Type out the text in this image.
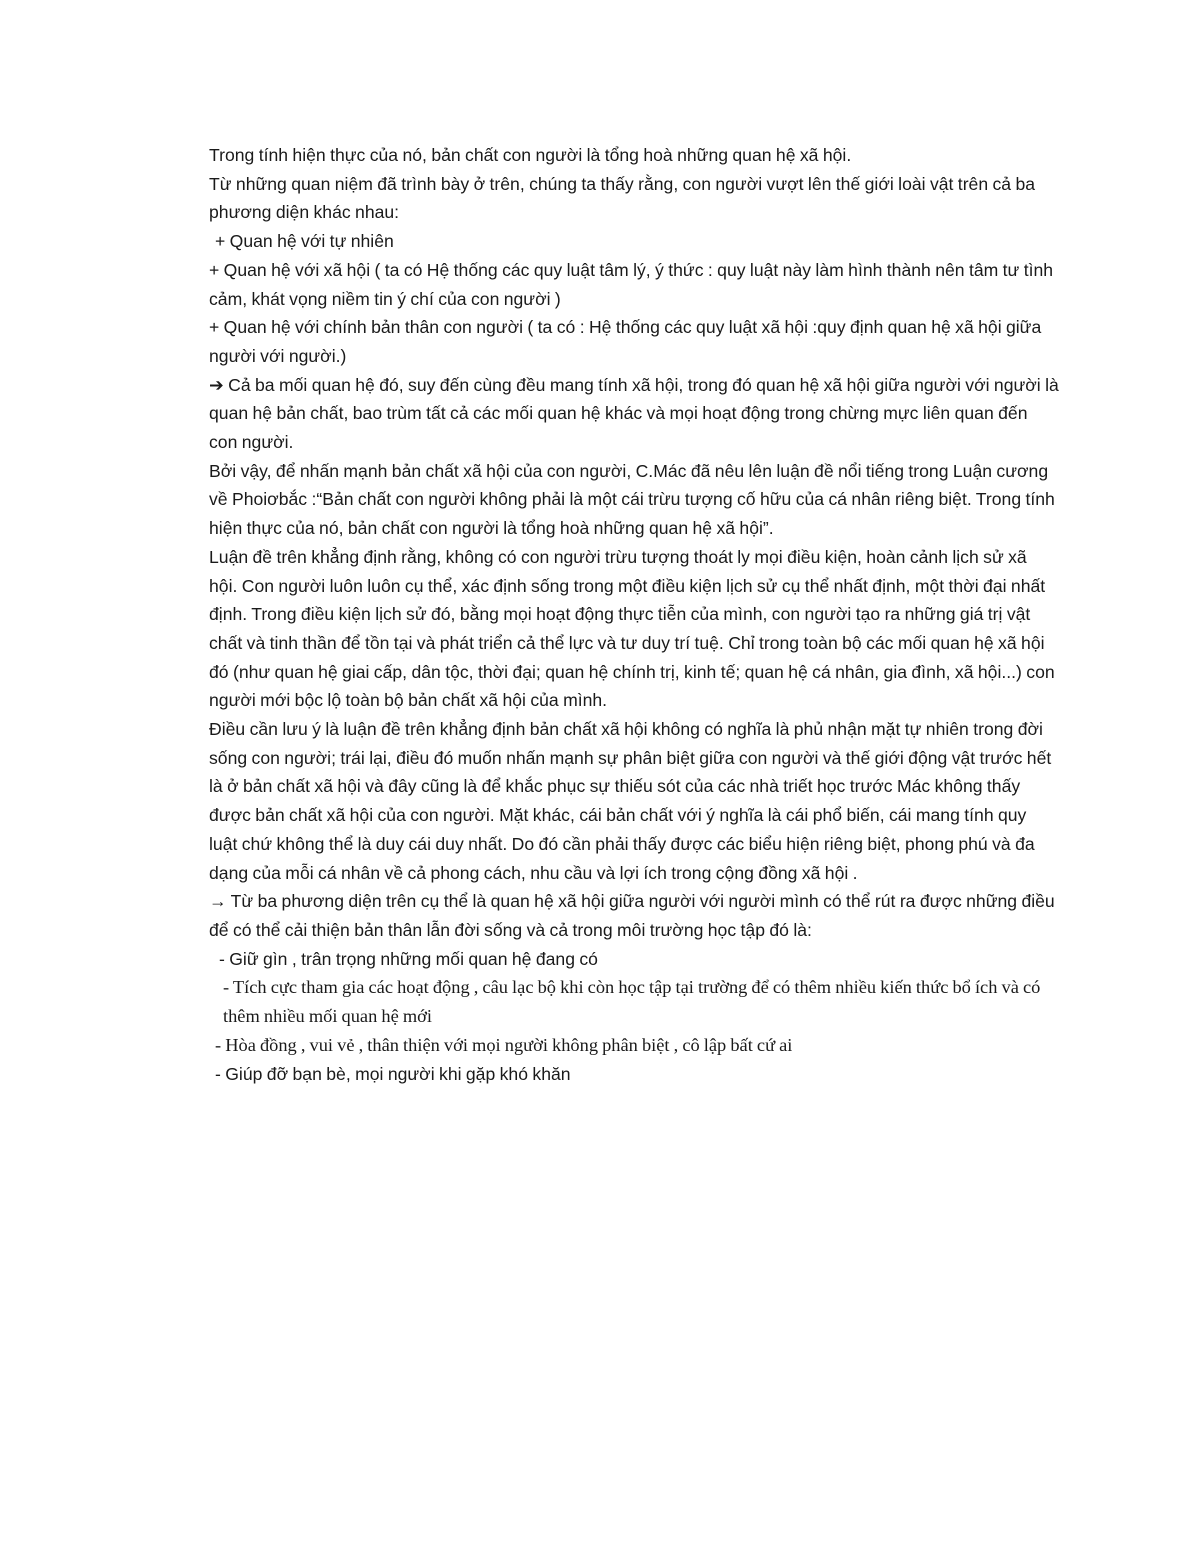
Trong tính hiện thực của nó, bản chất con người là tổng hoà những quan hệ xã hội.

Từ những quan niệm đã trình bày ở trên, chúng ta thấy rằng, con người vượt lên thế giới loài vật trên cả ba phương diện khác nhau:

+ Quan hệ với tự nhiên

+ Quan hệ với xã hội ( ta có Hệ thống các quy luật tâm lý, ý thức : quy luật này làm hình thành nên tâm tư tình cảm, khát vọng niềm tin ý chí của con người )

+ Quan hệ với chính bản thân con người ( ta có : Hệ thống các quy luật xã hội :quy định quan hệ xã hội giữa người với người.)

➔ Cả ba mối quan hệ đó, suy đến cùng đều mang tính xã hội, trong đó quan hệ xã hội giữa người với người là quan hệ bản chất, bao trùm tất cả các mối quan hệ khác và mọi hoạt động trong chừng mực liên quan đến con người.

Bởi vậy, để nhấn mạnh bản chất xã hội của con người, C.Mác đã nêu lên luận đề nổi tiếng trong Luận cương về Phoiơbắc :“Bản chất con người không phải là một cái trừu tượng cố hữu của cá nhân riêng biệt. Trong tính hiện thực của nó, bản chất con người là tổng hoà những quan hệ xã hội”.

Luận đề trên khẳng định rằng, không có con người trừu tượng thoát ly mọi điều kiện, hoàn cảnh lịch sử xã hội. Con người luôn luôn cụ thể, xác định sống trong một điều kiện lịch sử cụ thể nhất định, một thời đại nhất định. Trong điều kiện lịch sử đó, bằng mọi hoạt động thực tiễn của mình, con người tạo ra những giá trị vật chất và tinh thần để tồn tại và phát triển cả thể lực và tư duy trí tuệ. Chỉ trong toàn bộ các mối quan hệ xã hội đó (như quan hệ giai cấp, dân tộc, thời đại; quan hệ chính trị, kinh tế; quan hệ cá nhân, gia đình, xã hội...) con người mới bộc lộ toàn bộ bản chất xã hội của mình.

Điều cần lưu ý là luận đề trên khẳng định bản chất xã hội không có nghĩa là phủ nhận mặt tự nhiên trong đời sống con người; trái lại, điều đó muốn nhấn mạnh sự phân biệt giữa con người và thế giới động vật trước hết là ở bản chất xã hội và đây cũng là để khắc phục sự thiếu sót của các nhà triết học trước Mác không thấy được bản chất xã hội của con người. Mặt khác, cái bản chất với ý nghĩa là cái phổ biến, cái mang tính quy luật chứ không thể là duy cái duy nhất. Do đó cần phải thấy được các biểu hiện riêng biệt, phong phú và đa dạng của mỗi cá nhân về cả phong cách, nhu cầu và lợi ích trong cộng đồng xã hội .

→ Từ ba phương diện trên cụ thể là quan hệ xã hội giữa người với người mình có thể rút ra được những điều để có thể cải thiện bản thân lẫn đời sống và cả trong môi trường học tập đó là:

- Giữ gìn , trân trọng những mối quan hệ đang có

- Tích cực tham gia các hoạt động , câu lạc bộ khi còn học tập tại trường để có thêm nhiều kiến thức bổ ích và có thêm nhiều mối quan hệ mới

- Hòa đồng , vui vẻ , thân thiện với mọi người không phân biệt , cô lập bất cứ ai

- Giúp đỡ bạn bè, mọi người khi gặp khó khăn
